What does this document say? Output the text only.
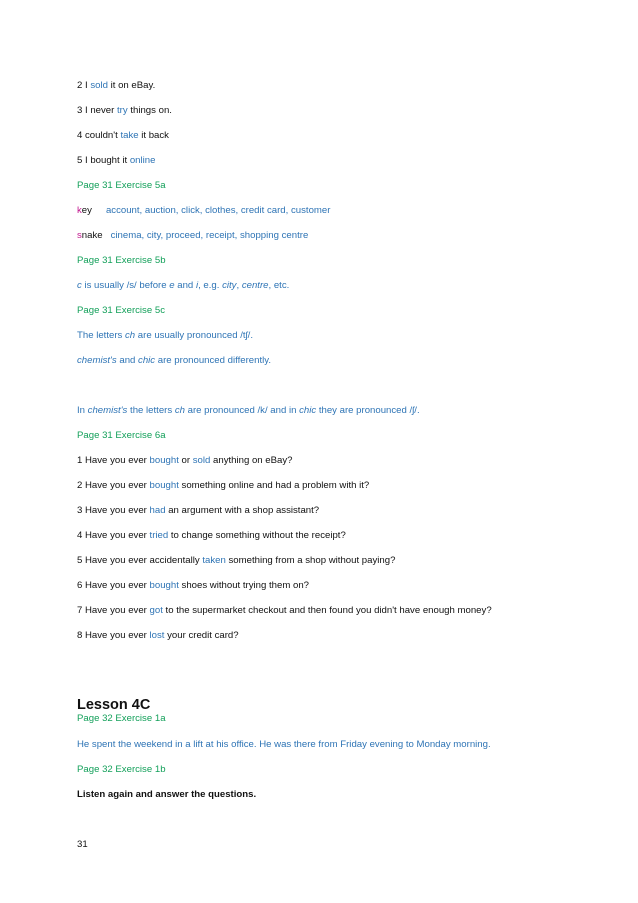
2 I sold it on eBay.
3 I never try things on.
4 couldn't take it back
5 I bought it online
Page 31 Exercise 5a
key account, auction, click, clothes, credit card, customer
snake cinema, city, proceed, receipt, shopping centre
Page 31 Exercise 5b
c is usually /s/ before e and i, e.g. city, centre, etc.
Page 31 Exercise 5c
The letters ch are usually pronounced /tʃ/.
chemist's and chic are pronounced differently.
In chemist's the letters ch are pronounced /k/ and in chic they are pronounced /ʃ/.
Page 31 Exercise 6a
1 Have you ever bought or sold anything on eBay?
2 Have you ever bought something online and had a problem with it?
3 Have you ever had an argument with a shop assistant?
4 Have you ever tried to change something without the receipt?
5 Have you ever accidentally taken something from a shop without paying?
6 Have you ever bought shoes without trying them on?
7 Have you ever got to the supermarket checkout and then found you didn't have enough money?
8 Have you ever lost your credit card?
Lesson 4C
Page 32 Exercise 1a
He spent the weekend in a lift at his office. He was there from Friday evening to Monday morning.
Page 32 Exercise 1b
Listen again and answer the questions.
31
